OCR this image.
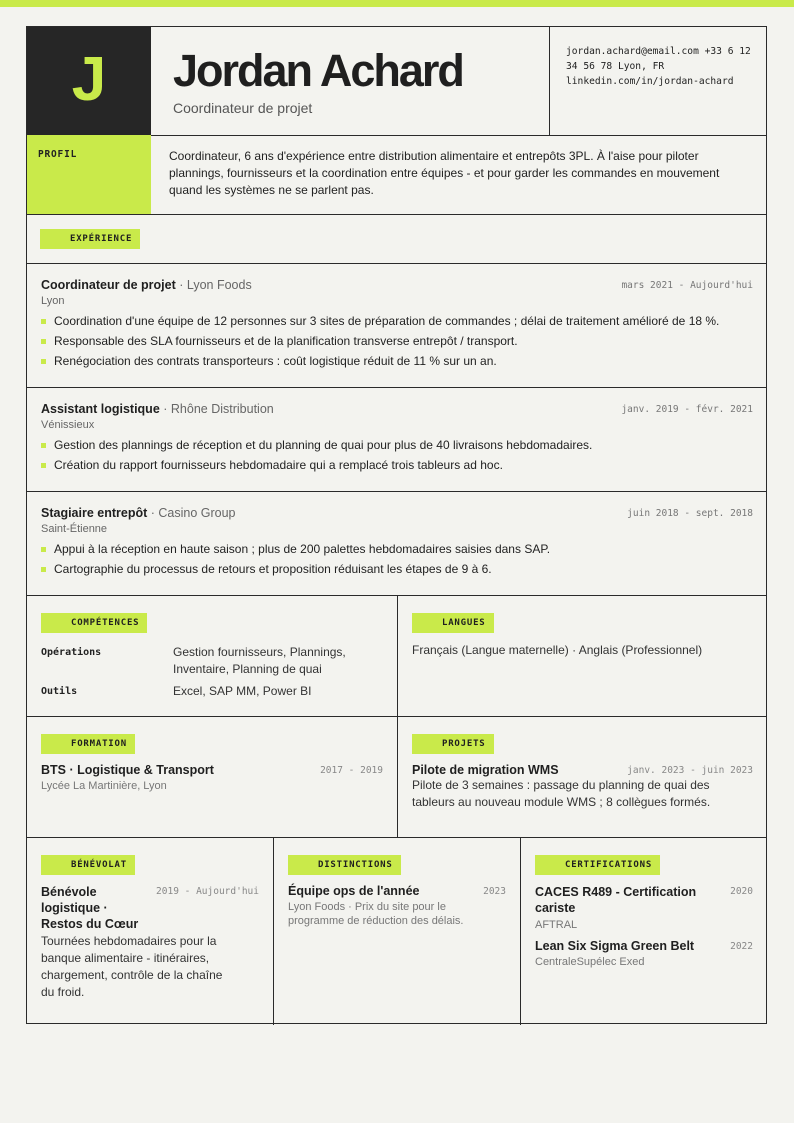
J	Jordan Achard
Coordinateur de projet
jordan.achard@email.com +33 6 12
34 56 78 Lyon, FR
linkedin.com/in/jordan-achard
PROFIL	Coordinateur, 6 ans d'expérience entre distribution alimentaire et entrepôts 3PL. À l'aise pour piloter plannings, fournisseurs et la coordination entre équipes - et pour garder les commandes en mouvement quand les systèmes ne se parlent pas.
EXPÉRIENCE
Coordinateur de projet · Lyon Foods	mars 2021 - Aujourd'hui
Lyon
Coordination d'une équipe de 12 personnes sur 3 sites de préparation de commandes ; délai de traitement amélioré de 18 %.
Responsable des SLA fournisseurs et de la planification transverse entrepôt / transport.
Renégociation des contrats transporteurs : coût logistique réduit de 11 % sur un an.
Assistant logistique · Rhône Distribution	janv. 2019 - févr. 2021
Vénissieux
Gestion des plannings de réception et du planning de quai pour plus de 40 livraisons hebdomadaires.
Création du rapport fournisseurs hebdomadaire qui a remplacé trois tableurs ad hoc.
Stagiaire entrepôt · Casino Group	juin 2018 - sept. 2018
Saint-Étienne
Appui à la réception en haute saison ; plus de 200 palettes hebdomadaires saisies dans SAP.
Cartographie du processus de retours et proposition réduisant les étapes de 9 à 6.
COMPÉTENCES
Opérations	Gestion fournisseurs, Plannings, Inventaire, Planning de quai
Outils	Excel, SAP MM, Power BI
LANGUES
Français (Langue maternelle) · Anglais (Professionnel)
FORMATION
BTS · Logistique & Transport	2017 - 2019
Lycée La Martinière, Lyon
PROJETS
Pilote de migration WMS	janv. 2023 - juin 2023
Pilote de 3 semaines : passage du planning de quai des tableurs au nouveau module WMS ; 8 collègues formés.
BÉNÉVOLAT
Bénévole logistique · Restos du Cœur
2019 - Aujourd'hui
Tournées hebdomadaires pour la banque alimentaire - itinéraires, chargement, contrôle de la chaîne du froid.
DISTINCTIONS
Équipe ops de l'année	2023
Lyon Foods · Prix du site pour le programme de réduction des délais.
CERTIFICATIONS
CACES R489 - Certification cariste
2020
AFTRAL
Lean Six Sigma Green Belt	2022
CentraleSupélec Exed
